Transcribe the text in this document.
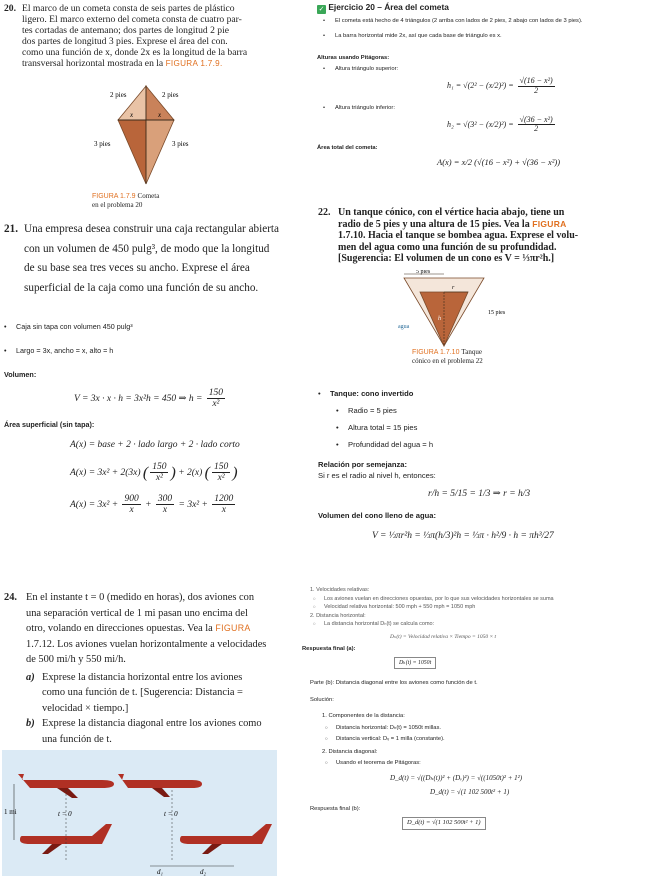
20. El marco de un cometa consta de seis partes de plástico
ligero. El marco externo del cometa consta de cuatro par-
tes cortadas de antemano; dos partes de longitud 2 pie
dos partes de longitud 3 pies. Exprese el área del con.
como una función de x, donde 2x es la longitud de la barra
transversal horizontal mostrada en la FIGURA 1.7.9.
2 pies	2 pies
3 pies	3 pies
x	x
FIGURA 1.7.9 Cometa
en el problema 20
✓ Ejercicio 20 – Área del cometa
El cometa está hecho de 4 triángulos (2 arriba con lados de 2 pies, 2 abajo con lados de 3 pies).
La barra horizontal mide 2x, así que cada base de triángulo es x.
Alturas usando Pitágoras:
Altura triángulo superior:
$h_1 = √(2^2 - (x/2)^2) = \frac{\text{√(16 − x²)}}{2}$
Altura triángulo inferior:
$h_2 = √(3^2 - (x/2)^2) = \frac{\text{√(36 − x²)}}{2}$
Área total del cometa:
A(x) = x/2 (√(16 − x²) + √(36 − x²))
21. Una empresa desea construir una caja rectangular abierta
con un volumen de 450 pulg³, de modo que la longitud
de su base sea tres veces su ancho. Exprese el área
superficial de la caja como una función de su ancho.
Caja sin tapa con volumen 450 pulg³
Largo = 3x, ancho = x, alto = h
Volumen:
V = 3x · x · h = 3x²h = 450 ⇒ $h = \frac{150}{\text{x²}}$
Área superficial (sin tapa):
A(x) = base + 2 · lado largo + 2 · lado corto
A(x) = 3x² + 2(3x) ( $\frac{150}{\text{x²}}$ ) + 2(x) ( $\frac{150}{\text{x²}}$ )
$A(x) = 3x^2 + \frac{900}{x} + \frac{300}{x} = 3x^2 + \frac{1200}{x}$
22. Un tanque cónico, con el vértice hacia abajo, tiene un
radio de 5 pies y una altura de 15 pies. Vea la FIGURA
1.7.10. Hacia el tanque se bombea agua. Exprese el volu-
men del agua como una función de su profundidad.
[Sugerencia: El volumen de un cono es V = ⅓πr²h.]
5 pies
r
15 pies
h
agua
FIGURA 1.7.10 Tanque
cónico en el problema 22
Tanque: cono invertido
Radio = 5 pies
Altura total = 15 pies
Profundidad del agua = h
Relación por semejanza:
Si r es el radio al nivel h, entonces:
r/h = 5/15 = 1/3 ⇒ r = h/3
Volumen del cono lleno de agua:
V = ⅓πr²h = ⅓π(h/3)²h = ⅓π · h²/9 · h = πh³/27
24. En el instante t = 0 (medido en horas), dos aviones con
una separación vertical de 1 mi pasan uno encima del
otro, volando en direcciones opuestas. Vea la FIGURA
1.7.12. Los aviones vuelan horizontalmente a velocidades
de 500 mi/h y 550 mi/h.
a) Exprese la distancia horizontal entre los aviones
como una función de t. [Sugerencia: Distancia =
velocidad × tiempo.]
b) Exprese la distancia diagonal entre los aviones como
una función de t.
1 mi	t = 0	t = 0
d₁	d₂
1. Velocidades relativas:
Los aviones vuelan en direcciones opuestas, por lo que sus velocidades horizontales se suma
Velocidad relativa horizontal: 500 mph + 550 mph = 1050 mph
2. Distancia horizontal:
La distancia horizontal Dₕ(t) se calcula como:
Dₕ(t) = Velocidad relativa × Tiempo = 1050 × t
Respuesta final (a):
Dₕ(t) = 1050t
Parte (b): Distancia diagonal entre los aviones como función de t.
Solución:
1. Componentes de la distancia:
Distancia horizontal: Dₕ(t) = 1050t millas.
Distancia vertical: Dᵥ = 1 milla (constante).
2. Distancia diagonal:
Usando el teorema de Pitágoras:
D_d(t) = √((Dₕ(t))² + (Dᵥ)²) = √((1050t)² + 1²)
D_d(t) = √(1 102 500t² + 1)
Respuesta final (b):
D_d(t) = √(1 102 500t² + 1)
